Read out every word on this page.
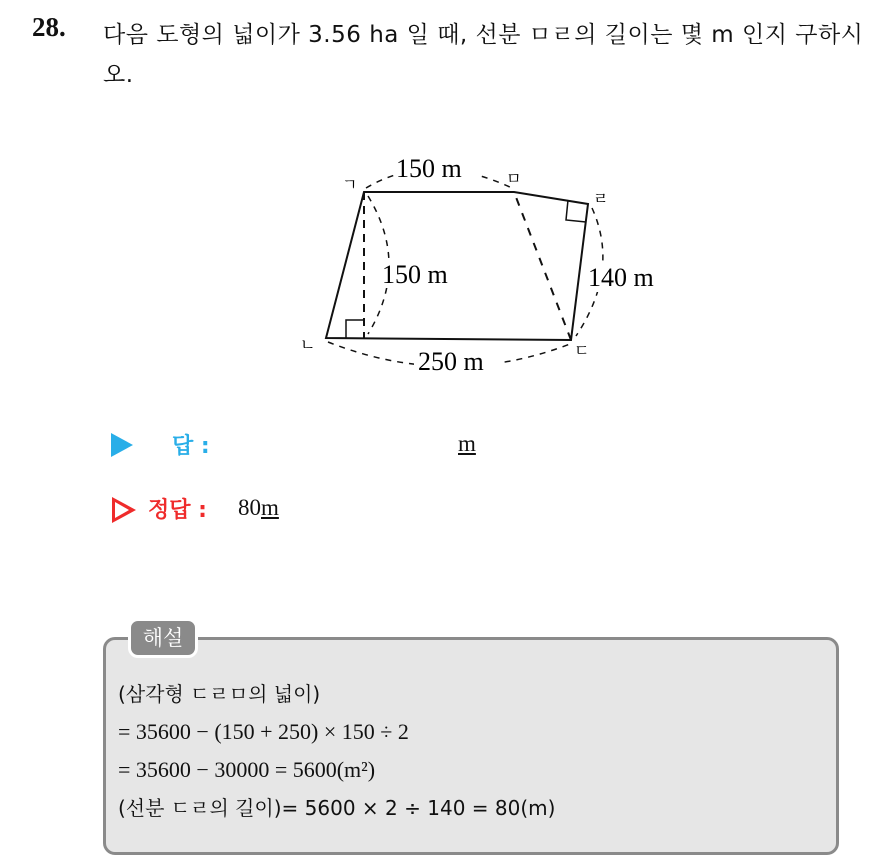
28. 다음 도형의 넓이가 3.56 ha 일 때, 선분 ㅁㄹ의 길이는 몇 m 인지 구하시오.
150 m
150 m	140 m
250 m
ㄱ	ㅁ
ㄹ
ㄴ	ㄷ
답 :	m
정답 : 80m
해설
(삼각형 ㄷㄹㅁ의 넓이)
= 35600 − (150 + 250) × 150 ÷ 2
= 35600 − 30000 = 5600(m²)
(선분 ㄷㄹ의 길이)= 5600 × 2 ÷ 140 = 80(m)
